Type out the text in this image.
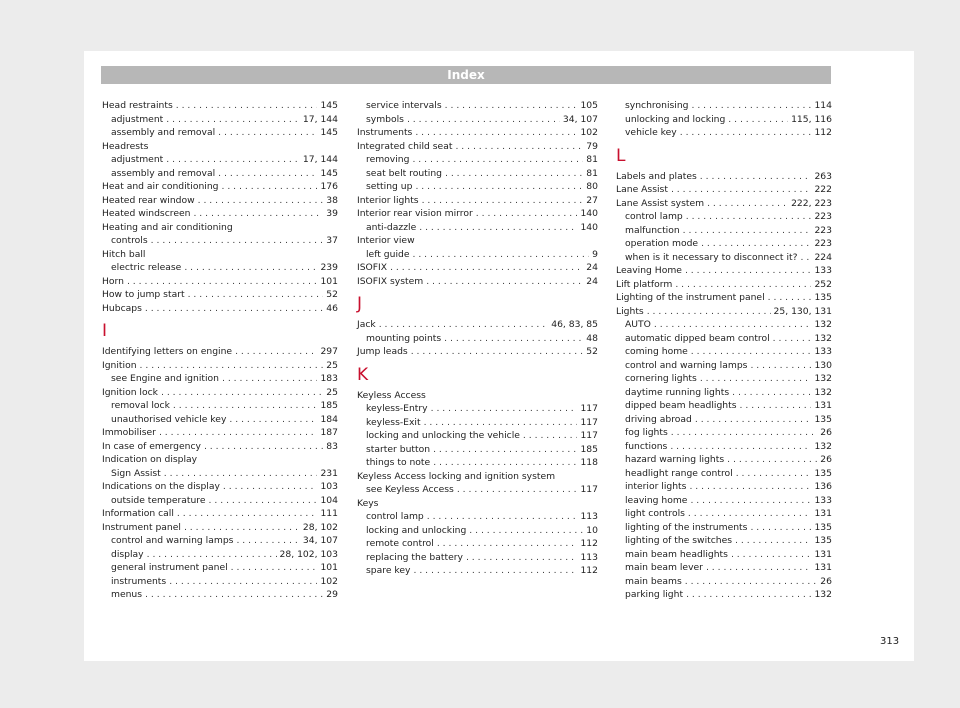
Index
Head restraints . . .	145
adjustment . . .	17, 144
assembly and removal . . .	145
Headrests
adjustment . . .	17, 144
assembly and removal . . .	145
Heat and air conditioning . . .	176
Heated rear window . . .	38
Heated windscreen . . .	39
Heating and air conditioning
controls . . .	37
Hitch ball
electric release . . .	239
Horn . . .	101
How to jump start . . .	52
Hubcaps . . .	46
I
Identifying letters on engine . . .	297
Ignition . . .	25
see Engine and ignition . . .	183
Ignition lock . . .	25
removal lock . . .	185
unauthorised vehicle key . . .	184
Immobiliser . . .	187
In case of emergency . . .	83
Indication on display
Sign Assist . . .	231
Indications on the display . . .	103
outside temperature . . .	104
Information call . . .	111
Instrument panel . . .	28, 102
control and warning lamps . . .	34, 107
display . . .	28, 102, 103
general instrument panel . . .	101
instruments . . .	102
menus . . .	29
service intervals . . .	105
symbols . . .	34, 107
Instruments . . .	102
Integrated child seat . . .	79
removing . . .	81
seat belt routing . . .	81
setting up . . .	80
Interior lights . . .	27
Interior rear vision mirror . . .	140
anti-dazzle . . .	140
Interior view
left guide . . .	9
ISOFIX . . .	24
ISOFIX system . . .	24
J
Jack . . .	46, 83, 85
mounting points . . .	48
Jump leads . . .	52
K
Keyless Access
keyless-Entry . . .	117
keyless-Exit . . .	117
locking and unlocking the vehicle . . .	117
starter button . . .	185
things to note . . .	118
Keyless Access locking and ignition system
see Keyless Access . . .	117
Keys
control lamp . . .	113
locking and unlocking . . .	10
remote control . . .	112
replacing the battery . . .	113
spare key . . .	112
synchronising . . .	114
unlocking and locking . . .	115, 116
vehicle key . . .	112
L
Labels and plates . . .	263
Lane Assist . . .	222
Lane Assist system . . .	222, 223
control lamp . . .	223
malfunction . . .	223
operation mode . . .	223
when is it necessary to disconnect it? . . . 224
Leaving Home . . .	133
Lift platform . . .	252
Lighting of the instrument panel . . .	135
Lights . . .	25, 130, 131
AUTO . . .	132
automatic dipped beam control . . .	132
coming home . . .	133
control and warning lamps . . .	130
cornering lights . . .	132
daytime running lights . . .	132
dipped beam headlights . . .	131
driving abroad . . .	135
fog lights . . .	26
functions . . .	132
hazard warning lights . . .	26
headlight range control . . .	135
interior lights . . .	136
leaving home . . .	133
light controls . . .	131
lighting of the instruments . . .	135
lighting of the switches . . .	135
main beam headlights . . .	131
main beam lever . . .	131
main beams . . .	26
parking light . . .	132
313
